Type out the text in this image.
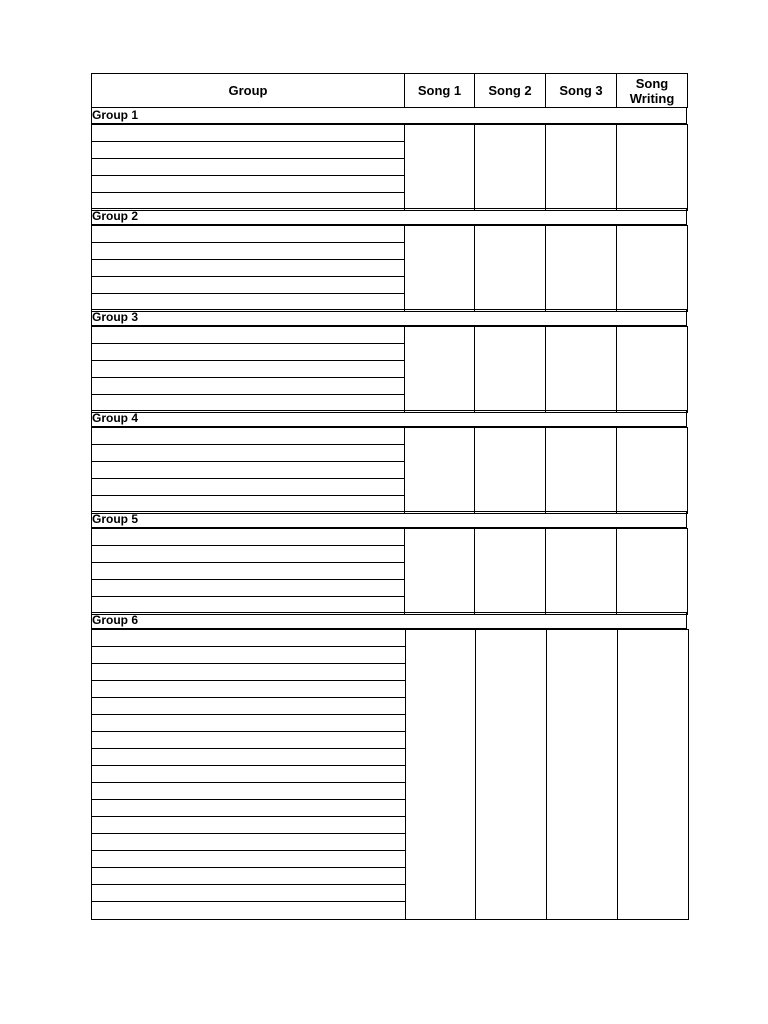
Group	Song 1	Song 2	Song 3	Song
Writing
Group 1

Group 2

Group 3

Group 4

Group 5

Group 6
